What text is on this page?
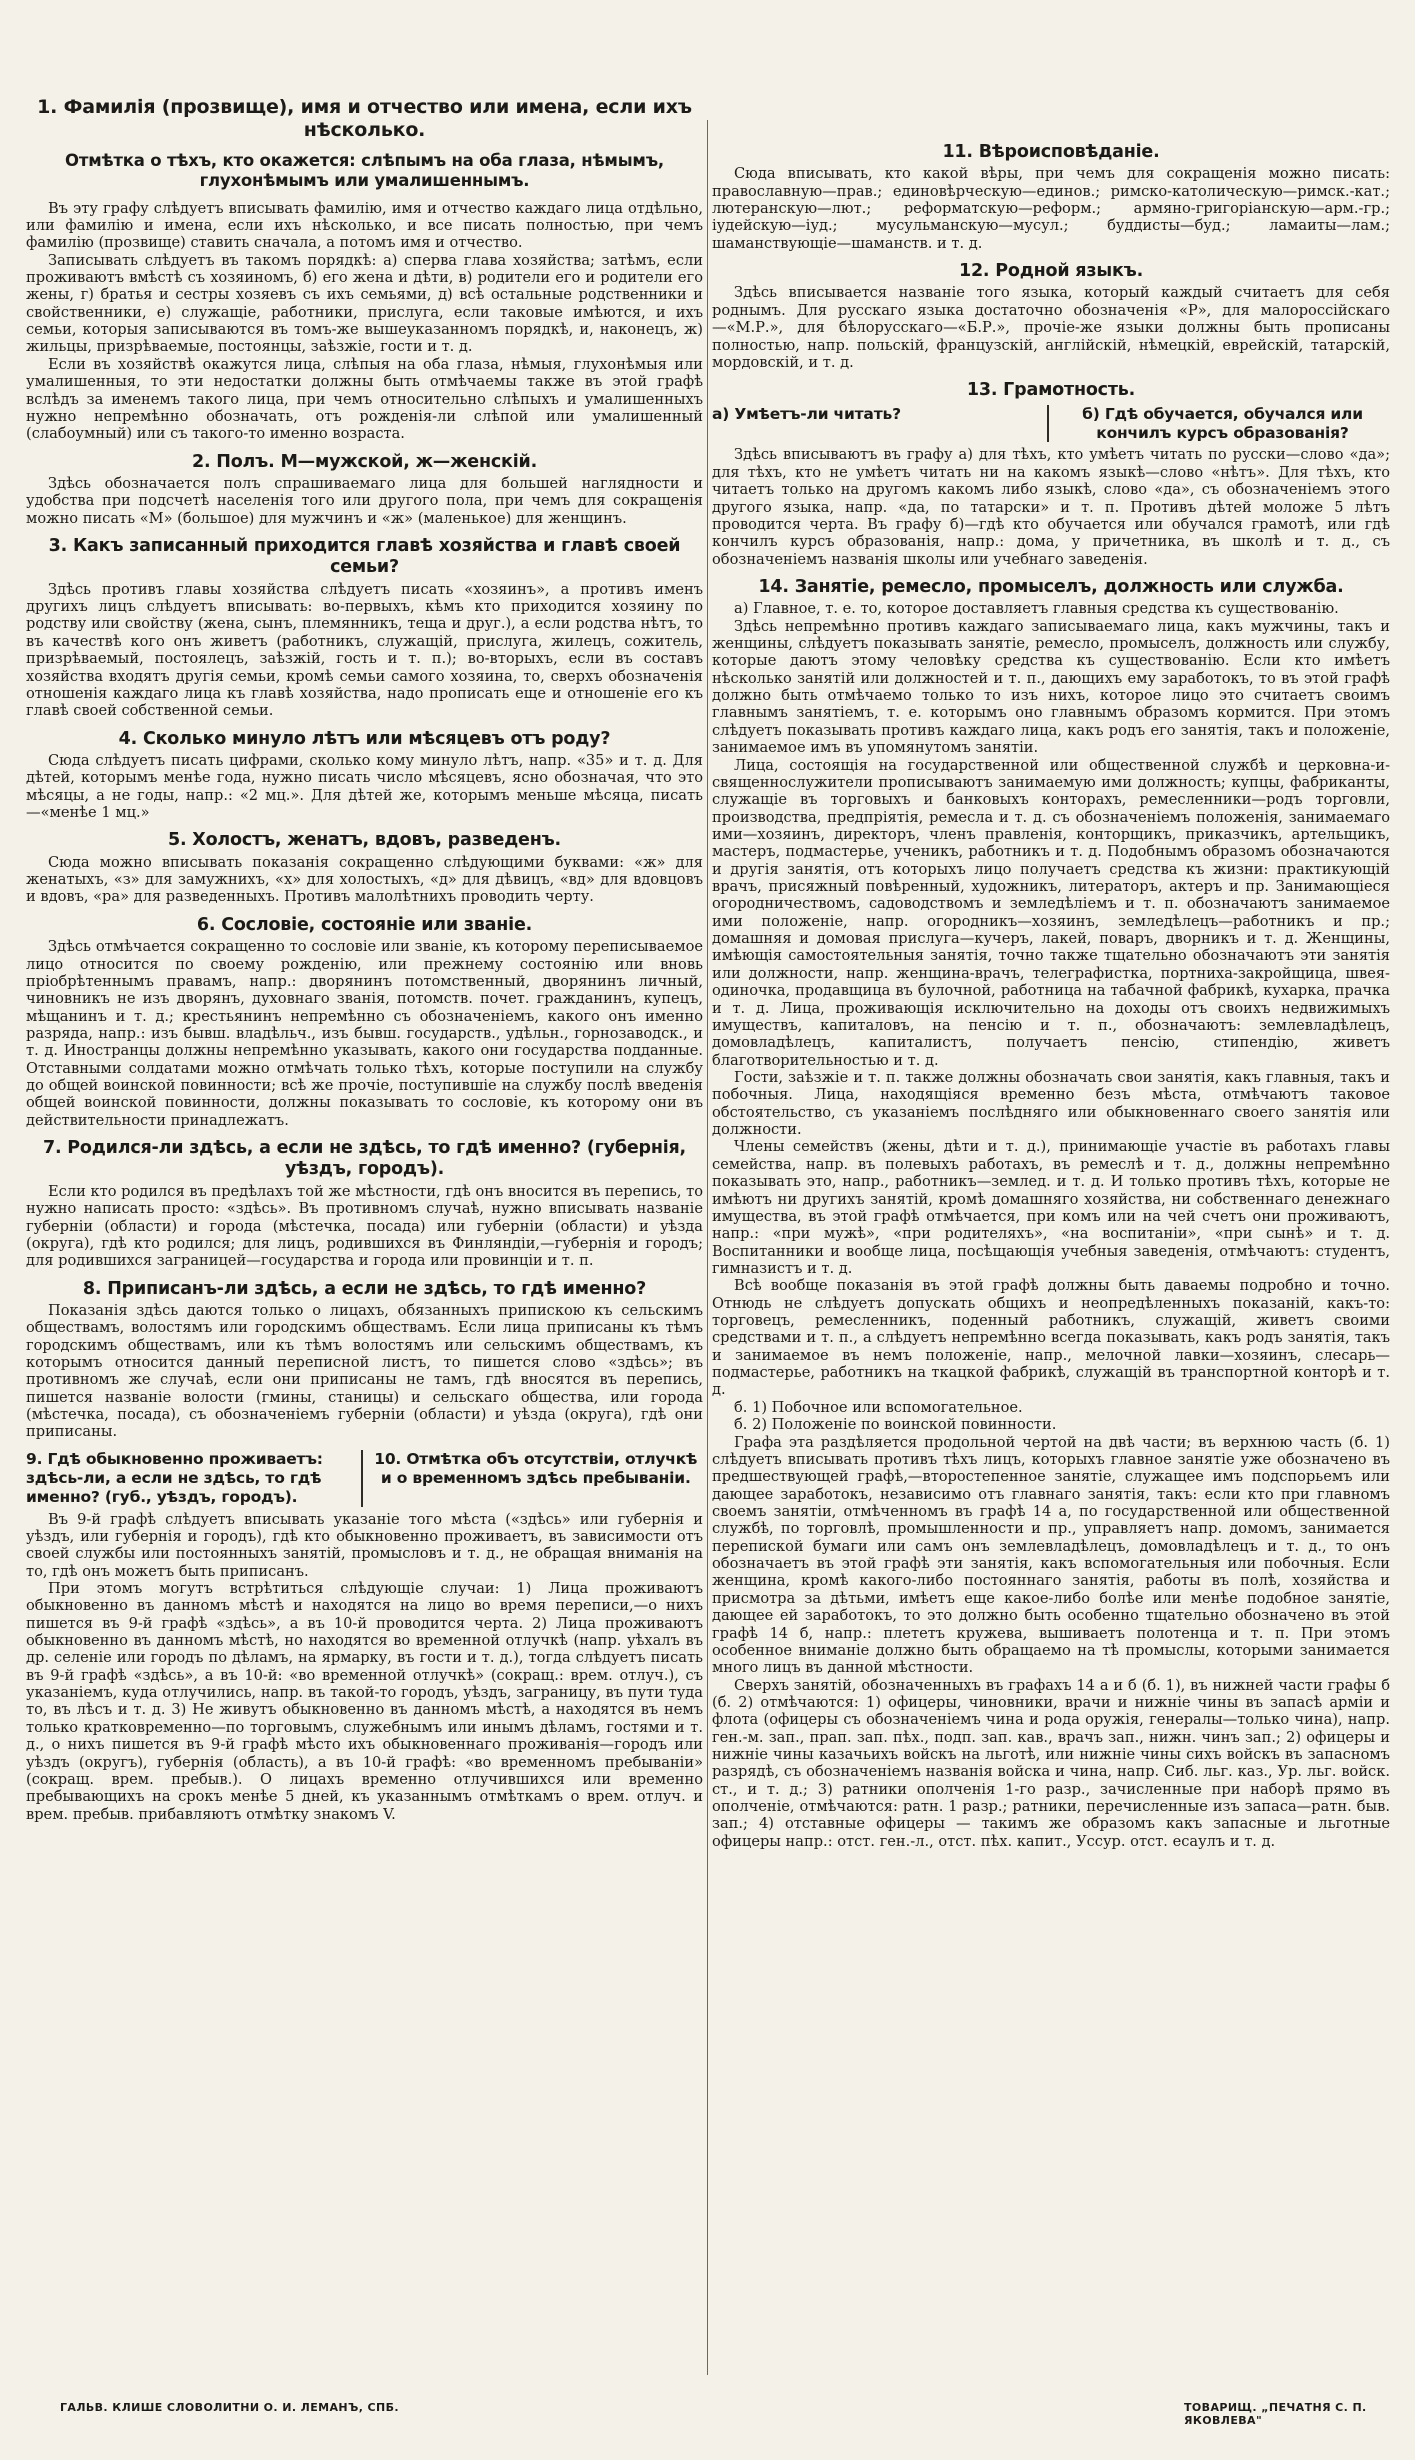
1. Фамилія (прозвище), имя и отчество или имена, если ихъ нѣсколько.
Отмѣтка о тѣхъ, кто окажется: слѣпымъ на оба глаза, нѣмымъ, глухонѣмымъ или умалишеннымъ.

Въ эту графу слѣдуетъ вписывать фамилію, имя и отчество каждаго лица отдѣльно, или фамилію и имена, если ихъ нѣсколько, и все писать полностью, при чемъ фамилію (прозвище) ставить сначала, а потомъ имя и отчество.

Записывать слѣдуетъ въ такомъ порядкѣ: а) сперва глава хозяйства; затѣмъ, если проживаютъ вмѣстѣ съ хозяиномъ, б) его жена и дѣти, в) родители его и родители его жены, г) братья и сестры хозяевъ съ ихъ семьями, д) всѣ остальные родственники и свойственники, е) служащіе, работники, прислуга, если таковые имѣются, и ихъ семьи, которыя записываются въ томъ-же вышеуказанномъ порядкѣ, и, наконецъ, ж) жильцы, призрѣваемые, постоянцы, заѣзжіе, гости и т. д.

Если въ хозяйствѣ окажутся лица, слѣпыя на оба глаза, нѣмыя, глухонѣмыя или умалишенныя, то эти недостатки должны быть отмѣчаемы также въ этой графѣ вслѣдъ за именемъ такого лица, при чемъ относительно слѣпыхъ и умалишенныхъ нужно непремѣнно обозначать, отъ рожденія-ли слѣпой или умалишенный (слабоумный) или съ такого-то именно возраста.

2. Полъ. М—мужской, ж—женскій.

Здѣсь обозначается полъ спрашиваемаго лица для большей наглядности и удобства при подсчетѣ населенія того или другого пола, при чемъ для сокращенія можно писать «М» (большое) для мужчинъ и «ж» (маленькое) для женщинъ.

3. Какъ записанный приходится главѣ хозяйства и главѣ своей семьи?

Здѣсь противъ главы хозяйства слѣдуетъ писать «хозяинъ», а противъ именъ другихъ лицъ слѣдуетъ вписывать: во-первыхъ, кѣмъ кто приходится хозяину по родству или свойству (жена, сынъ, племянникъ, теща и друг.), а если родства нѣтъ, то въ качествѣ кого онъ живетъ (работникъ, служащій, прислуга, жилецъ, сожитель, призрѣваемый, постоялецъ, заѣзжій, гость и т. п.); во-вторыхъ, если въ составъ хозяйства входятъ другія семьи, кромѣ семьи самого хозяина, то, сверхъ обозначенія отношенія каждаго лица къ главѣ хозяйства, надо прописать еще и отношеніе его къ главѣ своей собственной семьи.

4. Сколько минуло лѣтъ или мѣсяцевъ отъ роду?

Сюда слѣдуетъ писать цифрами, сколько кому минуло лѣтъ, напр. «35» и т. д. Для дѣтей, которымъ менѣе года, нужно писать число мѣсяцевъ, ясно обозначая, что это мѣсяцы, а не годы, напр.: «2 мц.». Для дѣтей же, которымъ меньше мѣсяца, писать—«менѣе 1 мц.»

5. Холостъ, женатъ, вдовъ, разведенъ.

Сюда можно вписывать показанія сокращенно слѣдующими буквами: «ж» для женатыхъ, «з» для замужнихъ, «х» для холостыхъ, «д» для дѣвицъ, «вд» для вдовцовъ и вдовъ, «ра» для разведенныхъ. Противъ малолѣтнихъ проводить черту.

6. Сословіе, состояніе или званіе.

Здѣсь отмѣчается сокращенно то сословіе или званіе, къ которому переписываемое лицо относится по своему рожденію, или прежнему состоянію или вновь пріобрѣтеннымъ правамъ, напр.: дворянинъ потомственный, дворянинъ личный, чиновникъ не изъ дворянъ, духовнаго званія, потомств. почет. гражданинъ, купецъ, мѣщанинъ и т. д.; крестьянинъ непремѣнно съ обозначеніемъ, какого онъ именно разряда, напр.: изъ бывш. владѣльч., изъ бывш. государств., удѣльн., горнозаводск., и т. д. Иностранцы должны непремѣнно указывать, какого они государства подданные. Отставными солдатами можно отмѣчать только тѣхъ, которые поступили на службу до общей воинской повинности; всѣ же прочіе, поступившіе на службу послѣ введенія общей воинской повинности, должны показывать то сословіе, къ которому они въ действительности принадлежатъ.

7. Родился-ли здѣсь, а если не здѣсь, то гдѣ именно? (губернія, уѣздъ, городъ).

Если кто родился въ предѣлахъ той же мѣстности, гдѣ онъ вносится въ перепись, то нужно написать просто: «здѣсь». Въ противномъ случаѣ, нужно вписывать названіе губерніи (области) и города (мѣстечка, посада) или губерніи (области) и уѣзда (округа), гдѣ кто родился; для лицъ, родившихся въ Финляндіи,—губернія и городъ; для родившихся заграницей—государства и города или провинціи и т. п.

8. Приписанъ-ли здѣсь, а если не здѣсь, то гдѣ именно?

Показанія здѣсь даются только о лицахъ, обязанныхъ припискою къ сельскимъ обществамъ, волостямъ или городскимъ обществамъ. Если лица приписаны къ тѣмъ городскимъ обществамъ, или къ тѣмъ волостямъ или сельскимъ обществамъ, къ которымъ относится данный переписной листъ, то пишется слово «здѣсь»; въ противномъ же случаѣ, если они приписаны не тамъ, гдѣ вносятся въ перепись, пишется названіе волости (гмины, станицы) и сельскаго общества, или города (мѣстечка, посада), съ обозначеніемъ губерніи (области) и уѣзда (округа), гдѣ они приписаны.

9. Гдѣ обыкновенно проживаетъ: здѣсь-ли, а если не здѣсь, то гдѣ именно? (губ., уѣздъ, городъ).
10. Отмѣтка объ отсутствіи, отлучкѣ и о временномъ здѣсь пребываніи.

Въ 9-й графѣ слѣдуетъ вписывать указаніе того мѣста («здѣсь» или губернія и уѣздъ, или губернія и городъ), гдѣ кто обыкновенно проживаетъ, въ зависимости отъ своей службы или постоянныхъ занятій, промысловъ и т. д., не обращая вниманія на то, гдѣ онъ можетъ быть приписанъ.

При этомъ могутъ встрѣтиться слѣдующіе случаи: 1) Лица проживаютъ обыкновенно въ данномъ мѣстѣ и находятся на лицо во время переписи,—о нихъ пишется въ 9-й графѣ «здѣсь», а въ 10-й проводится черта. 2) Лица проживаютъ обыкновенно въ данномъ мѣстѣ, но находятся во временной отлучкѣ (напр. уѣхалъ въ др. селеніе или городъ по дѣламъ, на ярмарку, въ гости и т. д.), тогда слѣдуетъ писать въ 9-й графѣ «здѣсь», а въ 10-й: «во временной отлучкѣ» (сокращ.: врем. отлуч.), съ указаніемъ, куда отлучились, напр. въ такой-то городъ, уѣздъ, заграницу, въ пути туда то, въ лѣсъ и т. д. 3) Не живутъ обыкновенно въ данномъ мѣстѣ, а находятся въ немъ только кратковременно—по торговымъ, служебнымъ или инымъ дѣламъ, гостями и т. д., о нихъ пишется въ 9-й графѣ мѣсто ихъ обыкновеннаго проживанія—городъ или уѣздъ (округъ), губернія (область), а въ 10-й графѣ: «во временномъ пребываніи» (сокращ. врем. пребыв.). О лицахъ временно отлучившихся или временно пребывающихъ на срокъ менѣе 5 дней, къ указаннымъ отмѣткамъ о врем. отлуч. и врем. пребыв. прибавляютъ отмѣтку знакомъ V.

11. Вѣроисповѣданіе.

Сюда вписывать, кто какой вѣры, при чемъ для сокращенія можно писать: православную—прав.; единовѣрческую—единов.; римско-католическую—римск.-кат.; лютеранскую—лют.; реформатскую—реформ.; армяно-григоріанскую—арм.-гр.; іудейскую—іуд.; мусульманскую—мусул.; буддисты—буд.; ламаиты—лам.; шаманствующіе—шаманств. и т. д.

12. Родной языкъ.

Здѣсь вписывается названіе того языка, который каждый считаетъ для себя роднымъ. Для русскаго языка достаточно обозначенія «Р», для малороссійскаго—«М.Р.», для бѣлорусскаго—«Б.Р.», прочіе-же языки должны быть прописаны полностью, напр. польскій, французскій, англійскій, нѣмецкій, еврейскій, татарскій, мордовскій, и т. д.

13. Грамотность.
а) Умѣетъ-ли читать?	б) Гдѣ обучается, обучался или кончилъ курсъ образованія?

Здѣсь вписываютъ въ графу а) для тѣхъ, кто умѣетъ читать по русски—слово «да»; для тѣхъ, кто не умѣетъ читать ни на какомъ языкѣ—слово «нѣтъ». Для тѣхъ, кто читаетъ только на другомъ какомъ либо языкѣ, слово «да», съ обозначеніемъ этого другого языка, напр. «да, по татарски» и т. п. Противъ дѣтей моложе 5 лѣтъ проводится черта. Въ графу б)—гдѣ кто обучается или обучался грамотѣ, или гдѣ кончилъ курсъ образованія, напр.: дома, у причетника, въ школѣ и т. д., съ обозначеніемъ названія школы или учебнаго заведенія.

14. Занятіе, ремесло, промыселъ, должность или служба.

а) Главное, т. е. то, которое доставляетъ главныя средства къ существованію.

Здѣсь непремѣнно противъ каждаго записываемаго лица, какъ мужчины, такъ и женщины, слѣдуетъ показывать занятіе, ремесло, промыселъ, должность или службу, которые даютъ этому человѣку средства къ существованію. Если кто имѣетъ нѣсколько занятій или должностей и т. п., дающихъ ему заработокъ, то въ этой графѣ должно быть отмѣчаемо только то изъ нихъ, которое лицо это считаетъ своимъ главнымъ занятіемъ, т. е. которымъ оно главнымъ образомъ кормится. При этомъ слѣдуетъ показывать противъ каждаго лица, какъ родъ его занятія, такъ и положеніе, занимаемое имъ въ упомянутомъ занятіи.

Лица, состоящія на государственной или общественной службѣ и церковна-и-священнослужители прописываютъ занимаемую ими должность; купцы, фабриканты, служащіе въ торговыхъ и банковыхъ конторахъ, ремесленники—родъ торговли, производства, предпріятія, ремесла и т. д. съ обозначеніемъ положенія, занимаемаго ими—хозяинъ, директоръ, членъ правленія, конторщикъ, приказчикъ, артельщикъ, мастеръ, подмастерье, ученикъ, работникъ и т. д. Подобнымъ образомъ обозначаются и другія занятія, отъ которыхъ лицо получаетъ средства къ жизни: практикующій врачъ, присяжный повѣренный, художникъ, литераторъ, актеръ и пр. Занимающіеся огородничествомъ, садоводствомъ и земледѣліемъ и т. п. обозначаютъ занимаемое ими положеніе, напр. огородникъ—хозяинъ, земледѣлецъ—работникъ и пр.; домашняя и домовая прислуга—кучеръ, лакей, поваръ, дворникъ и т. д. Женщины, имѣющія самостоятельныя занятія, точно также тщательно обозначаютъ эти занятія или должности, напр. женщина-врачъ, телеграфистка, портниха-закройщица, швея-одиночка, продавщица въ булочной, работница на табачной фабрикѣ, кухарка, прачка и т. д. Лица, проживающія исключительно на доходы отъ своихъ недвижимыхъ имуществъ, капиталовъ, на пенсію и т. п., обозначаютъ: землевладѣлецъ, домовладѣлецъ, капиталистъ, получаетъ пенсію, стипендію, живетъ благотворительностью и т. д.

Гости, заѣзжіе и т. п. также должны обозначать свои занятія, какъ главныя, такъ и побочныя. Лица, находящіяся временно безъ мѣста, отмѣчаютъ таковое обстоятельство, съ указаніемъ послѣдняго или обыкновеннаго своего занятія или должности.

Члены семействъ (жены, дѣти и т. д.), принимающіе участіе въ работахъ главы семейства, напр. въ полевыхъ работахъ, въ ремеслѣ и т. д., должны непремѣнно показывать это, напр., работникъ—землед. и т. д. И только противъ тѣхъ, которые не имѣютъ ни другихъ занятій, кромѣ домашняго хозяйства, ни собственнаго денежнаго имущества, въ этой графѣ отмѣчается, при комъ или на чей счетъ они проживаютъ, напр.: «при мужѣ», «при родителяхъ», «на воспитаніи», «при сынѣ» и т. д. Воспитанники и вообще лица, посѣщающія учебныя заведенія, отмѣчаютъ: студентъ, гимназистъ и т. д.

Всѣ вообще показанія въ этой графѣ должны быть даваемы подробно и точно. Отнюдь не слѣдуетъ допускать общихъ и неопредѣленныхъ показаній, какъ-то: торговецъ, ремесленникъ, поденный работникъ, служащій, живетъ своими средствами и т. п., а слѣдуетъ непремѣнно всегда показывать, какъ родъ занятія, такъ и занимаемое въ немъ положеніе, напр., мелочной лавки—хозяинъ, слесарь—подмастерье, работникъ на ткацкой фабрикѣ, служащій въ транспортной конторѣ и т. д.

б. 1) Побочное или вспомогательное.

б. 2) Положеніе по воинской повинности.

Графа эта раздѣляется продольной чертой на двѣ части; въ верхнюю часть (б. 1) слѣдуетъ вписывать противъ тѣхъ лицъ, которыхъ главное занятіе уже обозначено въ предшествующей графѣ,—второстепенное занятіе, служащее имъ подспорьемъ или дающее заработокъ, независимо отъ главнаго занятія, такъ: если кто при главномъ своемъ занятіи, отмѣченномъ въ графѣ 14 а, по государственной или общественной службѣ, по торговлѣ, промышленности и пр., управляетъ напр. домомъ, занимается перепиской бумаги или самъ онъ землевладѣлецъ, домовладѣлецъ и т. д., то онъ обозначаетъ въ этой графѣ эти занятія, какъ вспомогательныя или побочныя. Если женщина, кромѣ какого-либо постояннаго занятія, работы въ полѣ, хозяйства и присмотра за дѣтьми, имѣетъ еще какое-либо болѣе или менѣе подобное занятіе, дающее ей заработокъ, то это должно быть особенно тщательно обозначено въ этой графѣ 14 б, напр.: плететъ кружева, вышиваетъ полотенца и т. п. При этомъ особенное вниманіе должно быть обращаемо на тѣ промыслы, которыми занимается много лицъ въ данной мѣстности.

Сверхъ занятій, обозначенныхъ въ графахъ 14 а и б (б. 1), въ нижней части графы б (б. 2) отмѣчаются: 1) офицеры, чиновники, врачи и нижніе чины въ запасѣ арміи и флота (офицеры съ обозначеніемъ чина и рода оружія, генералы—только чина), напр. ген.-м. зап., прап. зап. пѣх., подп. зап. кав., врачъ зап., нижн. чинъ зап.; 2) офицеры и нижніе чины казачьихъ войскъ на льготѣ, или нижніе чины сихъ войскъ въ запасномъ разрядѣ, съ обозначеніемъ названія войска и чина, напр. Сиб. льг. каз., Ур. льг. войск. ст., и т. д.; 3) ратники ополченія 1-го разр., зачисленные при наборѣ прямо въ ополченіе, отмѣчаются: ратн. 1 разр.; ратники, перечисленные изъ запаса—ратн. быв. зап.; 4) отставные офицеры — такимъ же образомъ какъ запасные и льготные офицеры напр.: отст. ген.-л., отст. пѣх. капит., Уссур. отст. есаулъ и т. д.

ГАЛЬВ. КЛИШЕ СЛОВОЛИТНИ О. И. ЛЕМАНЪ, СПБ.	ТОВАРИЩ. „ПЕЧАТНЯ С. П. ЯКОВЛЕВА"
